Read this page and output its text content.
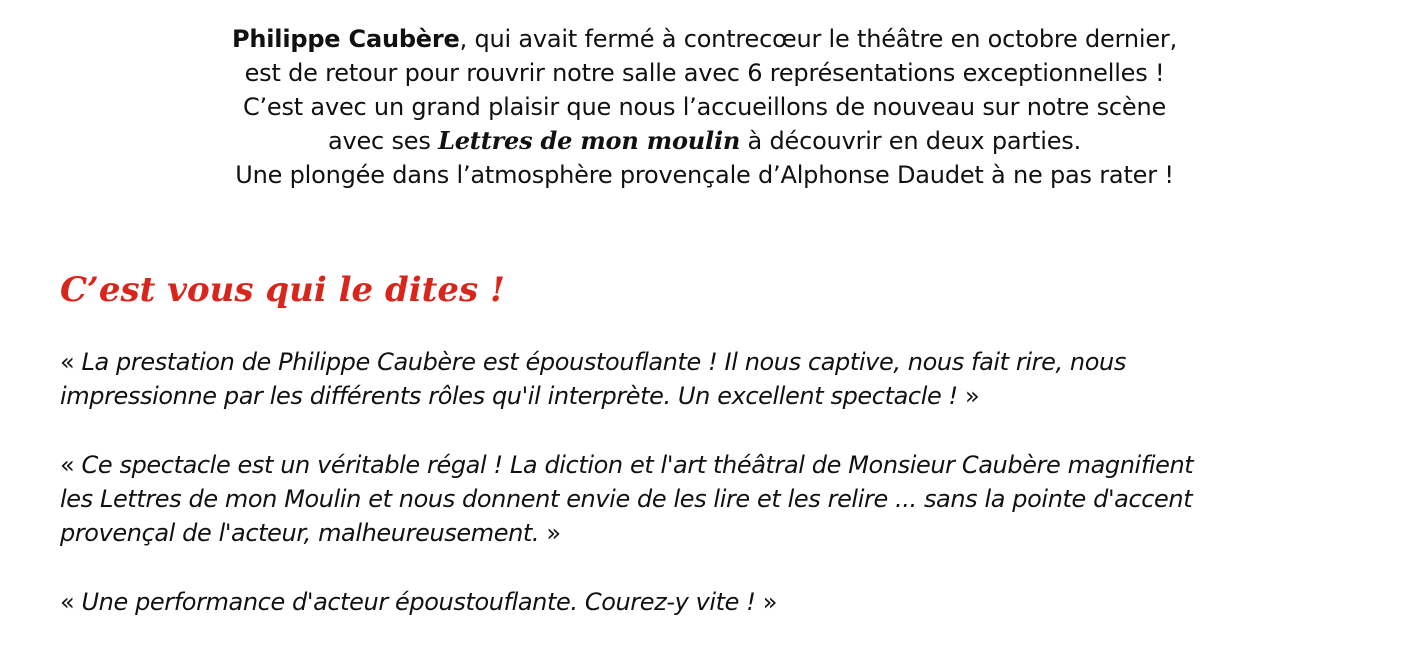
Philippe Caubère, qui avait fermé à contrecœur le théâtre en octobre dernier,
est de retour pour rouvrir notre salle avec 6 représentations exceptionnelles !
C’est avec un grand plaisir que nous l’accueillons de nouveau sur notre scène
avec ses Lettres de mon moulin à découvrir en deux parties.
Une plongée dans l’atmosphère provençale d’Alphonse Daudet à ne pas rater !
C’est vous qui le dites !

« La prestation de Philippe Caubère est époustouflante ! Il nous captive, nous fait rire, nous
impressionne par les différents rôles qu'il interprète. Un excellent spectacle ! »

« Ce spectacle est un véritable régal ! La diction et l'art théâtral de Monsieur Caubère magnifient
les Lettres de mon Moulin et nous donnent envie de les lire et les relire ... sans la pointe d'accent
provençal de l'acteur, malheureusement. »

« Une performance d'acteur époustouflante. Courez-y vite ! »
